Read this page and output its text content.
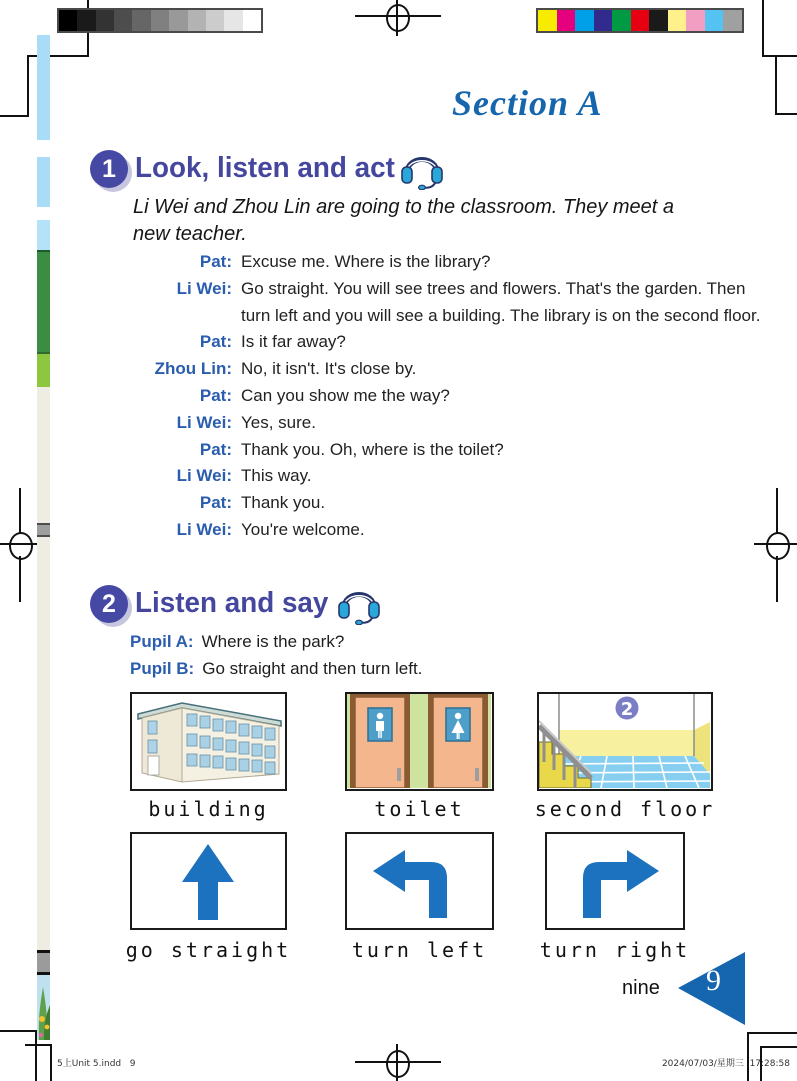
Section A
1 Look, listen and act
Li Wei and Zhou Lin are going to the classroom. They meet a new teacher.
Pat: Excuse me. Where is the library?
Li Wei: Go straight. You will see trees and flowers. That's the garden. Then turn left and you will see a building. The library is on the second floor.
Pat: Is it far away?
Zhou Lin: No, it isn't. It's close by.
Pat: Can you show me the way?
Li Wei: Yes, sure.
Pat: Thank you. Oh, where is the toilet?
Li Wei: This way.
Pat: Thank you.
Li Wei: You're welcome.
2 Listen and say
Pupil A: Where is the park?
Pupil B: Go straight and then turn left.
2
building	toilet	second floor
go straight	turn left	turn right
nine 9
5上Unit 5.indd   9	2024/07/03/星期三  17:28:58
